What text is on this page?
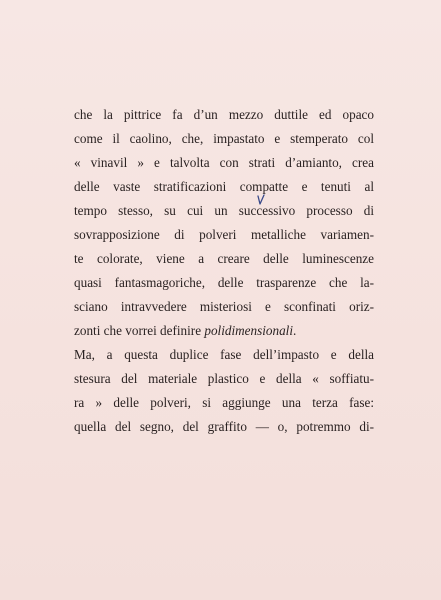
che la pittrice fa d’un mezzo duttile ed opaco
come il caolino, che, impastato e stemperato col
« vinavil » e talvolta con strati d’amianto, crea
delle vaste stratificazioni compatte e tenuti al
tempo stesso, su cui un successivo processo di
sovrapposizione di polveri metalliche variamen-
te colorate, viene a creare delle luminescenze
quasi fantasmagoriche, delle trasparenze che la-
sciano intravvedere misteriosi e sconfinati oriz-
zonti che vorrei definire polidimensionali.
Ma, a questa duplice fase dell’impasto e della
stesura del materiale plastico e della « soffiatu-
ra » delle polveri, si aggiunge una terza fase:
quella del segno, del graffito — o, potremmo di-
